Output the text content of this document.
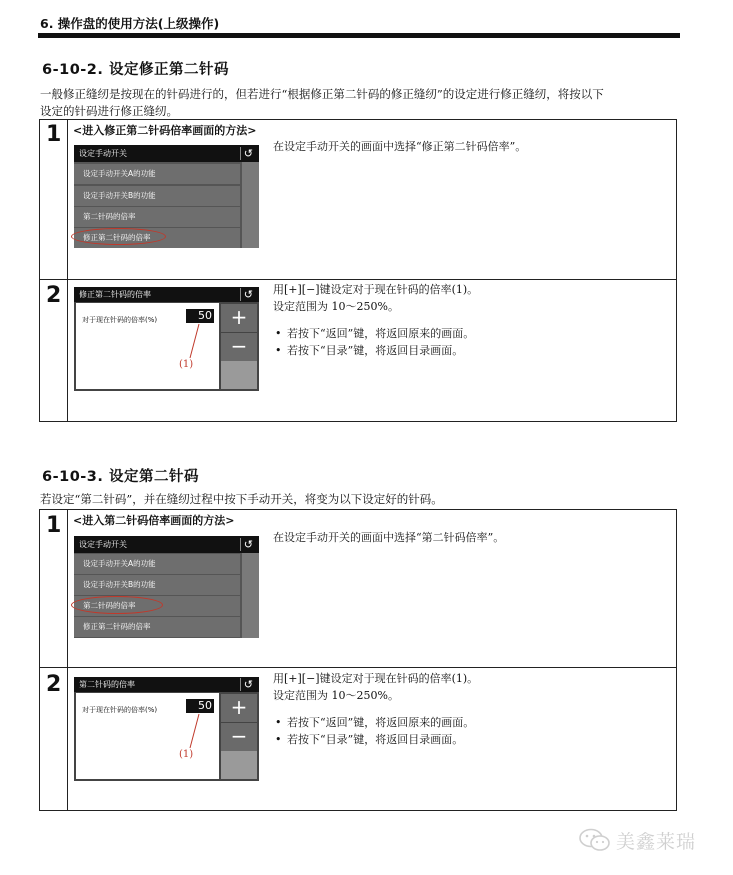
6. 操作盘的使用方法(上级操作)
6-10-2. 设定修正第二针码
一般修正缝纫是按现在的针码进行的，但若进行“根据修正第二针码的修正缝纫”的设定进行修正缝纫，将按以下
设定的针码进行修正缝纫。
1 <进入修正第二针码倍率画面的方法>
设定手动开关	↺
设定手动开关A的功能
设定手动开关B的功能
第二针码的倍率
修正第二针码的倍率
在设定手动开关的画面中选择“修正第二针码倍率”。
2	修正第二针码的倍率	↺
对于现在针码的倍率(%)	50
(1)
+
−
用[+][−]键设定对于现在针码的倍率(1)。
设定范围为 10～250%。
• 若按下“返回”键，将返回原来的画面。
• 若按下“目录”键，将返回目录画面。
6-10-3. 设定第二针码
若设定“第二针码”，并在缝纫过程中按下手动开关，将变为以下设定好的针码。
1 <进入第二针码倍率画面的方法>
设定手动开关	↺
设定手动开关A的功能
设定手动开关B的功能
第二针码的倍率
修正第二针码的倍率
在设定手动开关的画面中选择“第二针码倍率”。
2	第二针码的倍率	↺
对于现在针码的倍率(%)	50
(1)
+
−
用[+][−]键设定对于现在针码的倍率(1)。
设定范围为 10～250%。
• 若按下“返回”键，将返回原来的画面。
• 若按下“目录”键，将返回目录画面。
美鑫莱瑞
